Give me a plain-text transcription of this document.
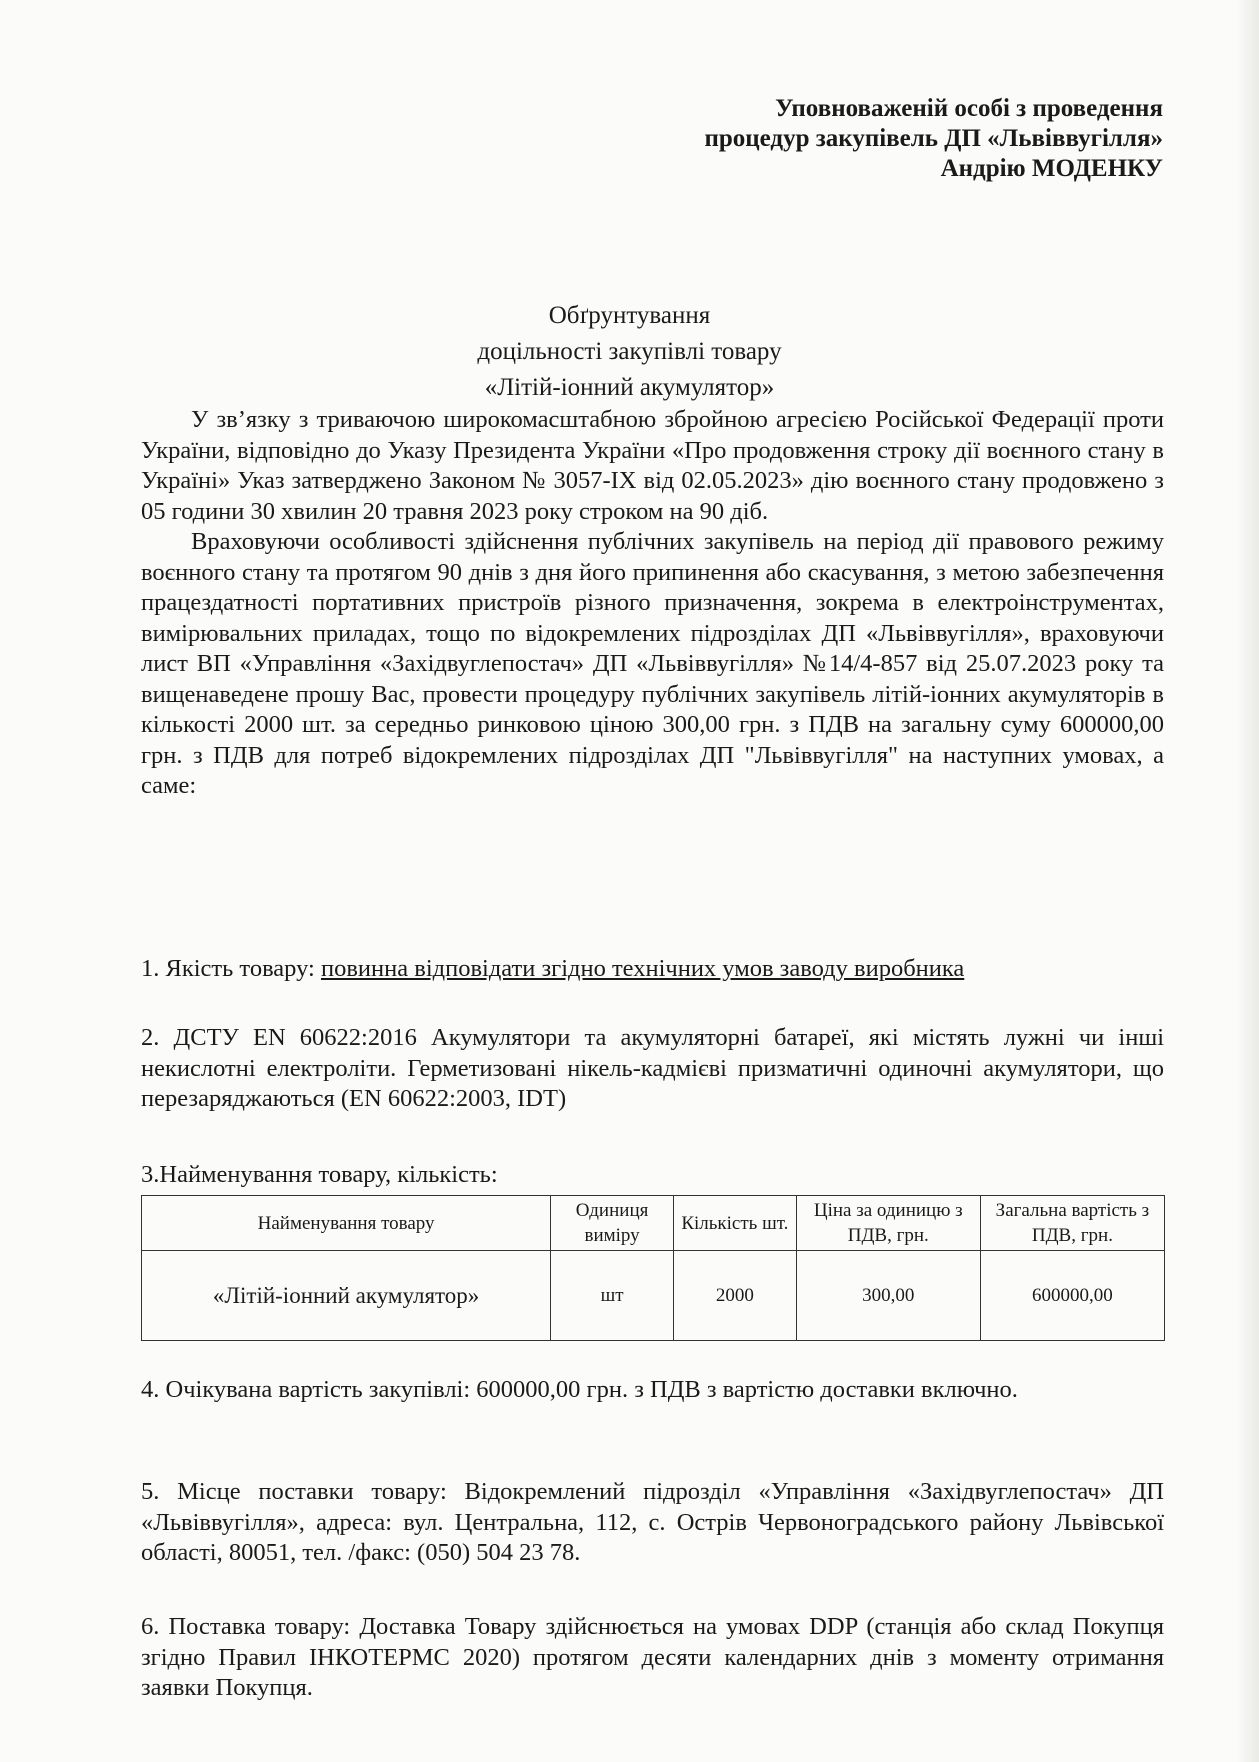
Уповноваженій особі з проведення
процедур закупівель ДП «Львіввугілля»
Андрію МОДЕНКУ
Обґрунтування
доцільності закупівлі товару
«Літій-іонний акумулятор»

У зв’язку з триваючою широкомасштабною збройною агресією Російської Федерації проти України, відповідно до Указу Президента України «Про продовження строку дії воєнного стану в Україні» Указ затверджено Законом № 3057-IX від 02.05.2023» дію воєнного стану продовжено з 05 години 30 хвилин 20 травня 2023 року строком на 90 діб.

Враховуючи особливості здійснення публічних закупівель на період дії правового режиму воєнного стану та протягом 90 днів з дня його припинення або скасування, з метою забезпечення працездатності портативних пристроїв різного призначення, зокрема в електроінструментах, вимірювальних приладах, тощо по відокремлених підрозділах ДП «Львіввугілля», враховуючи лист ВП «Управління «Західвуглепостач» ДП «Львіввугілля» №14/4-857 від 25.07.2023 року та вищенаведене прошу Вас, провести процедуру публічних закупівель літій-іонних акумуляторів в кількості 2000 шт. за середньо ринковою ціною 300,00 грн. з ПДВ на загальну суму 600000,00 грн. з ПДВ для потреб відокремлених підрозділах ДП "Львіввугілля" на наступних умовах, а саме:

1. Якість товару: повинна відповідати згідно технічних умов заводу виробника

2. ДСТУ EN 60622:2016 Акумулятори та акумуляторні батареї, які містять лужні чи інші некислотні електроліти. Герметизовані нікель-кадмієві призматичні одиночні акумулятори, що перезаряджаються (EN 60622:2003, IDT)

3.Найменування товару, кількість:

Найменування товару	Одиниця виміру	Кількість шт.	Ціна за одиницю з ПДВ, грн.	Загальна вартість з ПДВ, грн.
«Літій-іонний акумулятор»	шт	2000	300,00	600000,00

4. Очікувана вартість закупівлі: 600000,00 грн. з ПДВ з вартістю доставки включно.

5. Місце поставки товару: Відокремлений підрозділ «Управління «Західвуглепостач» ДП «Львіввугілля», адреса: вул. Центральна, 112, с. Острів Червоноградського району Львівської області, 80051, тел. /факс: (050) 504 23 78.

6. Поставка товару: Доставка Товару здійснюється на умовах DDP (станція або склад Покупця згідно Правил ІНКОТЕРМС 2020) протягом десяти календарних днів з моменту отримання заявки Покупця.
